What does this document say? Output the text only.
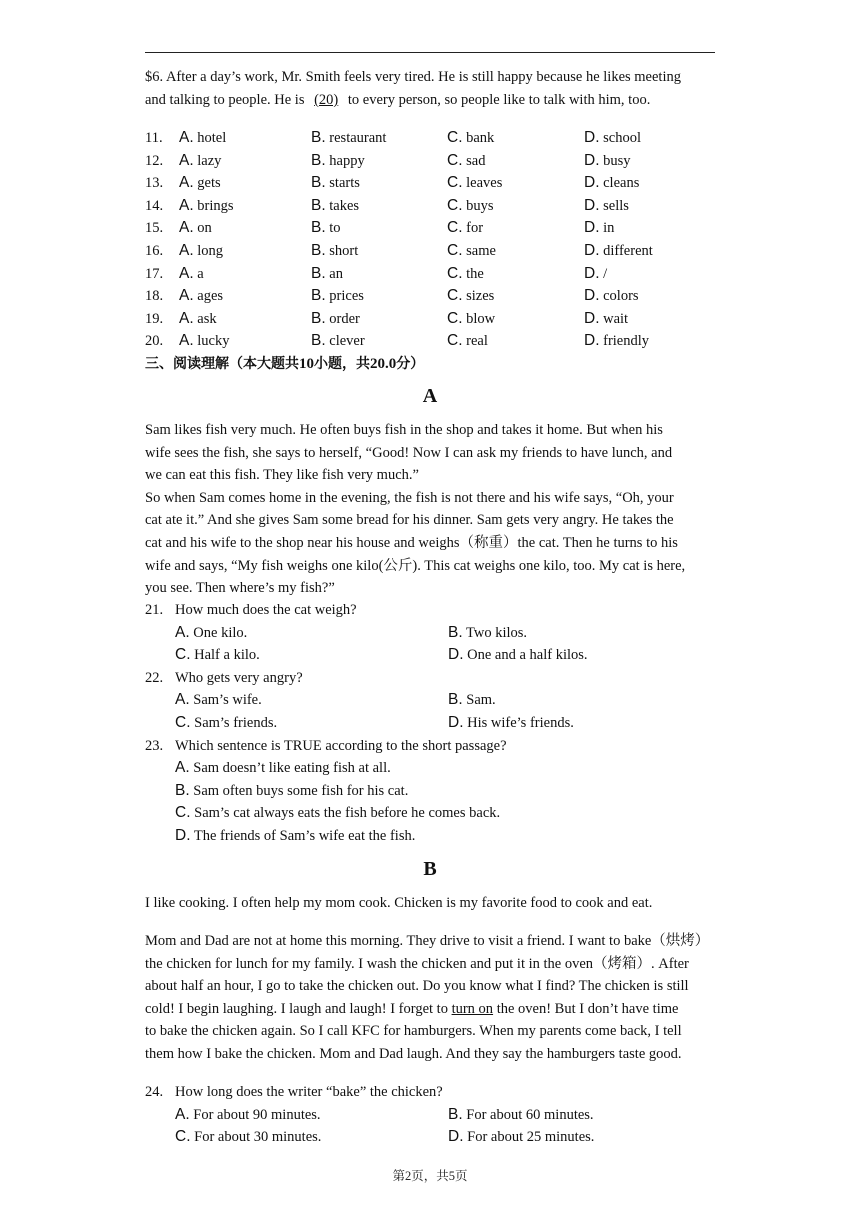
$6. After a day’s work, Mr. Smith feels very tired. He is still happy because he likes meeting
and talking to people. He is (20) to every person, so people like to talk with him, too.
11. A. hotel	B. restaurant	C. bank	D. school
12. A. lazy	B. happy	C. sad	D. busy
13. A. gets	B. starts	C. leaves	D. cleans
14. A. brings	B. takes	C. buys	D. sells
15. A. on	B. to	C. for	D. in
16. A. long	B. short	C. same	D. different
17. A. a	B. an	C. the	D. /
18. A. ages	B. prices	C. sizes	D. colors
19. A. ask	B. order	C. blow	D. wait
20. A. lucky	B. clever	C. real	D. friendly
三、阅读理解（本大题共10小题，共20.0分）
A
Sam likes fish very much. He often buys fish in the shop and takes it home. But when his
wife sees the fish, she says to herself, “Good! Now I can ask my friends to have lunch, and
we can eat this fish. They like fish very much.”
So when Sam comes home in the evening, the fish is not there and his wife says, “Oh, your
cat ate it.” And she gives Sam some bread for his dinner. Sam gets very angry. He takes the
cat and his wife to the shop near his house and weighs（称重）the cat. Then he turns to his
wife and says, “My fish weighs one kilo(公斤). This cat weighs one kilo, too. My cat is here,
you see. Then where’s my fish?”
21. How much does the cat weigh?
A. One kilo.	B. Two kilos.
C. Half a kilo.	D. One and a half kilos.
22. Who gets very angry?
A. Sam’s wife.	B. Sam.
C. Sam’s friends.	D. His wife’s friends.
23. Which sentence is TRUE according to the short passage?
A. Sam doesn’t like eating fish at all.
B. Sam often buys some fish for his cat.
C. Sam’s cat always eats the fish before he comes back.
D. The friends of Sam’s wife eat the fish.
B
I like cooking. I often help my mom cook. Chicken is my favorite food to cook and eat.
Mom and Dad are not at home this morning. They drive to visit a friend. I want to bake（烘烤）
the chicken for lunch for my family. I wash the chicken and put it in the oven（烤箱）. After
about half an hour, I go to take the chicken out. Do you know what I find? The chicken is still
cold! I begin laughing. I laugh and laugh! I forget to turn on the oven! But I don’t have time
to bake the chicken again. So I call KFC for hamburgers. When my parents come back, I tell
them how I bake the chicken. Mom and Dad laugh. And they say the hamburgers taste good.
24. How long does the writer “bake” the chicken?
A. For about 90 minutes.	B. For about 60 minutes.
C. For about 30 minutes.	D. For about 25 minutes.
第2页，共5页
